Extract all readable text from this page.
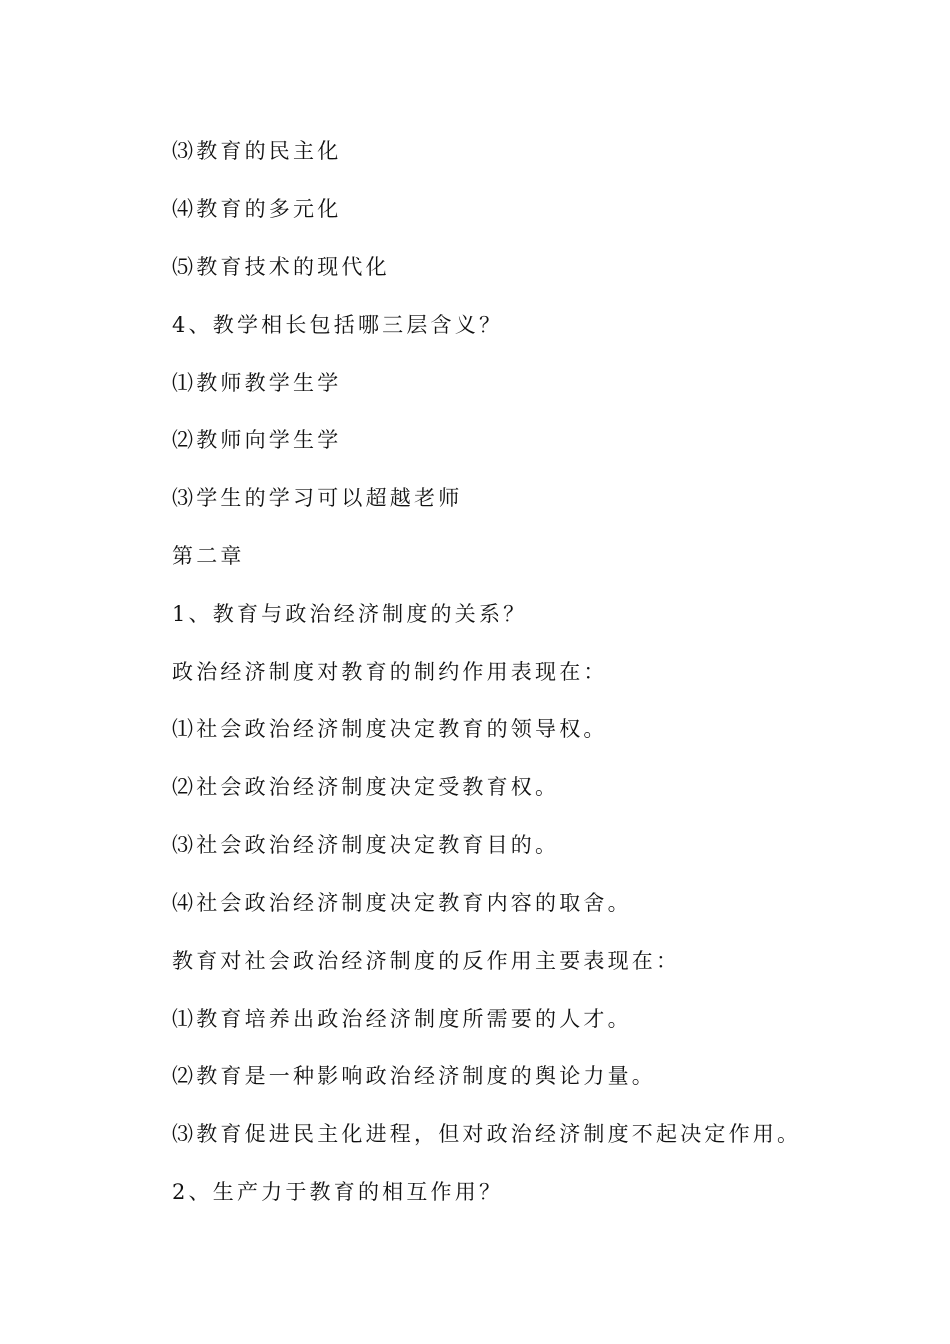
⑶教育的民主化

⑷教育的多元化

⑸教育技术的现代化

4、教学相长包括哪三层含义？

⑴教师教学生学

⑵教师向学生学

⑶学生的学习可以超越老师

第二章

1、教育与政治经济制度的关系？

政治经济制度对教育的制约作用表现在：

⑴社会政治经济制度决定教育的领导权。

⑵社会政治经济制度决定受教育权。

⑶社会政治经济制度决定教育目的。

⑷社会政治经济制度决定教育内容的取舍。

教育对社会政治经济制度的反作用主要表现在：

⑴教育培养出政治经济制度所需要的人才。

⑵教育是一种影响政治经济制度的舆论力量。

⑶教育促进民主化进程，但对政治经济制度不起决定作用。

2、生产力于教育的相互作用？
